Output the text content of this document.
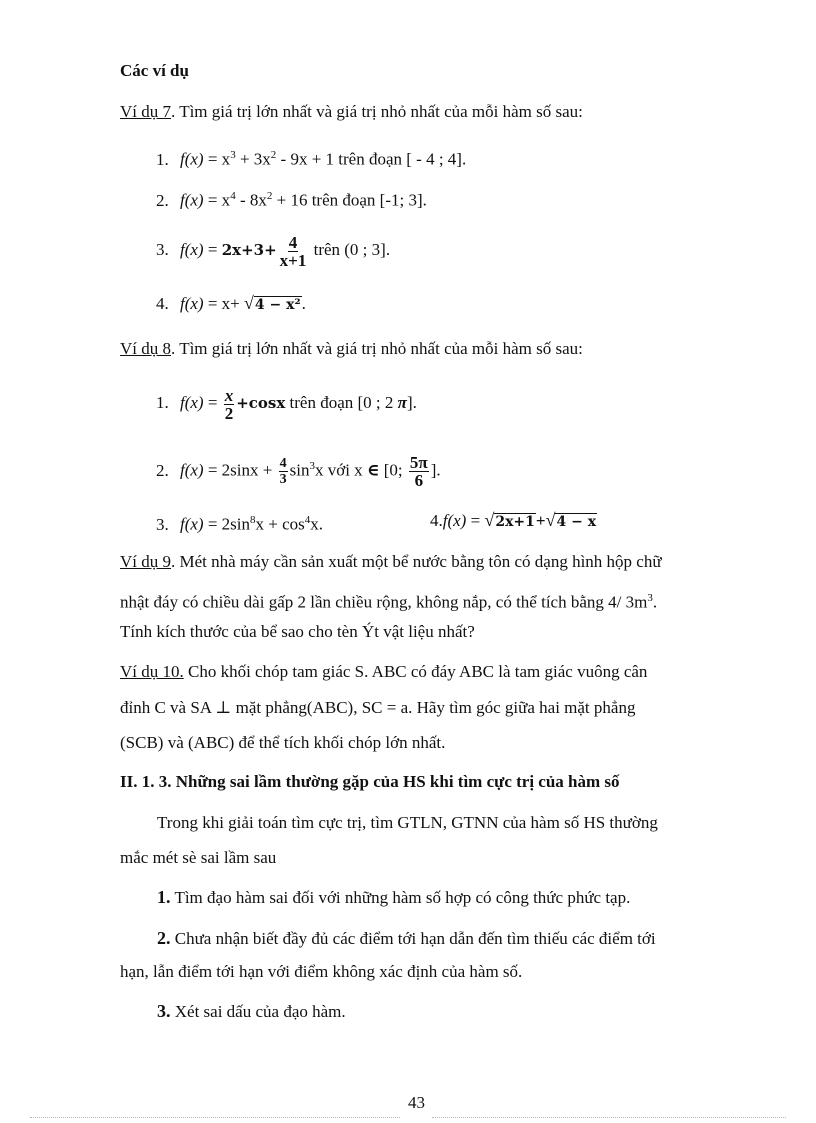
Các ví dụ
Ví dụ 7. Tìm giá trị lớn nhất và giá trị nhỏ nhất của mỗi hàm số sau:
1. $f(x) = x^3 + 3x^2 - 9x + 1$ trên đoạn [ - 4 ; 4].
2. $f(x) = x^4 - 8x^2 + 16$ trên đoạn [-1; 3].
3. $f(x) = 2x+3+ \frac{4}{x+1}$ trên (0 ; 3].
4. f(x) = x+ √4 − x².
Ví dụ 8. Tìm giá trị lớn nhất và giá trị nhỏ nhất của mỗi hàm số sau:
1. $f(x) = \frac{x}{2} +\cos x$ trên đoạn [0 ; 2 π].
2. $f(x) = 2\sin x + \frac{4}{3} \sin^3x$ với x ∈ [0; $\frac{5\pi}{6}$ ].
3. $f(x) = 2\sin^8x + \cos^4x$.	4.f(x) = √2x+1+√4 − x
Ví dụ 9. Mét nhà máy cần sản xuất một bể nước bằng tôn có dạng hình hộp chữ
nhật đáy có chiều dài gấp 2 lần chiều rộng, không nắp, có thể tích bằng 4/ $3m^3$.
Tính kích thước của bể sao cho tèn Ýt vật liệu nhất?
Ví dụ 10. Cho khối chóp tam giác S. ABC có đáy ABC là tam giác vuông cân
đỉnh C và SA ⊥ mặt phẳng(ABC), SC = a. Hãy tìm góc giữa hai mặt phẳng
(SCB) và (ABC) để thể tích khối chóp lớn nhất.
II. 1. 3. Những sai lầm thường gặp của HS khi tìm cực trị của hàm số
Trong khi giải toán tìm cực trị, tìm GTLN, GTNN của hàm số HS thường
mắc mét sè sai lầm sau
1. Tìm đạo hàm sai đối với những hàm số hợp có công thức phức tạp.
2. Chưa nhận biết đầy đủ các điểm tới hạn dẫn đến tìm thiếu các điểm tới
hạn, lẫn điểm tới hạn với điểm không xác định của hàm số.
3. Xét sai dấu của đạo hàm.
43
